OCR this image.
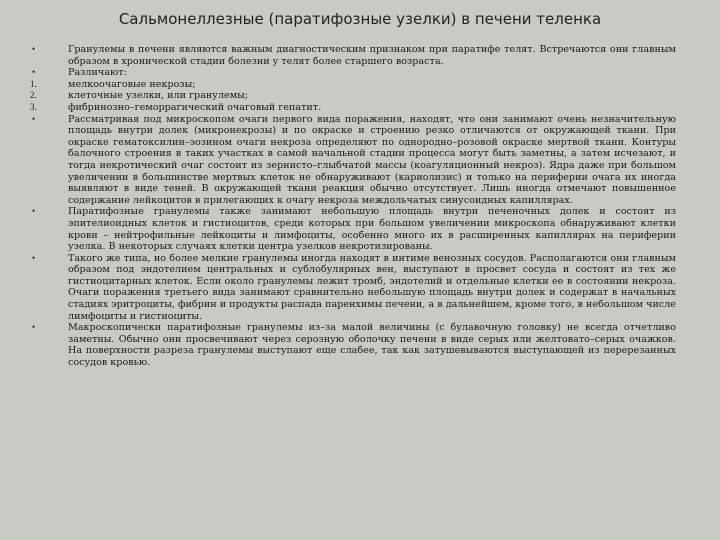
Сальмонеллезные (паратифозные узелки) в печени теленка
•	Гранулемы в печени являются важным диагностическим признаком при паратифе телят. Встречаются они главным образом в хронической стадии болезни у телят более старшего возраста.
•	Различают:
1.	мелкоочаговые некрозы;
2.	клеточные узелки, или гранулемы;
3.	фибринозно–геморрагический очаговый гепатит.
•	Рассматривая под микроскопом очаги первого вида поражения, находят, что они занимают очень незначительную площадь внутри долек (микронекрозы) и по окраске и строению резко отличаются от окружающей ткани. При окраске гематоксилин–эозином очаги некроза определяют по однородно–розовой окраске мертвой ткани. Контуры балочного строения в таких участках в самой начальной стадии процесса могут быть заметны, а затем исчезают, и тогда некротический очаг состоит из зернисто–глыбчатой массы (коагуляционный некроз). Ядра даже при большом увеличении в большинстве мертвых клеток не обнаруживают (кариолизис) и только на периферии очага их иногда выявляют в виде теней. В окружающей ткани реакция обычно отсутствует. Лишь иногда отмечают повышенное содержание лейкоцитов в прилегающих к очагу некроза междольчатых синусоидных капиллярах.
•	Паратифозные гранулемы также занимают небольшую площадь внутри печеночных долек и состоят из эпителиоидных клеток и гистиоцитов, среди которых при большом увеличении микроскопа обнаруживают клетки крови – нейтрофильные лейкоциты и лимфоциты, особенно много их в расширенных капиллярах на периферии узелка. В некоторых случаях клетки центра узелков некротизированы.
•	Такого же типа, но более мелкие гранулемы иногда находят в интиме венозных сосудов. Располагаются они главным образом под эндотелием центральных и сублобулярных вен, выступают в просвет сосуда и состоят из тех же гистиоцитарных клеток. Если около гранулемы лежит тромб, эндотелий и отдельные клетки ее в состоянии некроза. Очаги поражения третьего вида занимают сравнительно небольшую площадь внутри долек и содержат в начальных стадиях эритроциты, фибрин и продукты распада паренхимы печени, а в дальнейшем, кроме того, в небольшом числе лимфоциты и гистиоциты.
•	Макроскопически паратифозные гранулемы из–за малой величины (с булавочную головку) не всегда отчетливо заметны. Обычно они просвечивают через серозную оболочку печени в виде серых или желтовато–серых очажков. На поверхности разреза гранулемы выступают еще слабее, так как затушевываются выступающей из перерезанных сосудов кровью.
